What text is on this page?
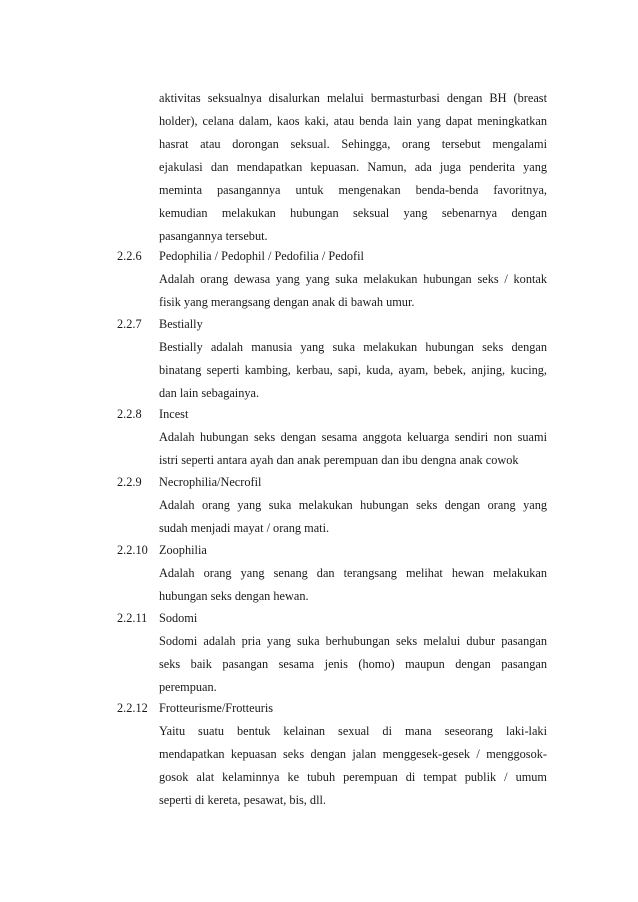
aktivitas seksualnya disalurkan melalui bermasturbasi dengan BH (breast
holder), celana dalam, kaos kaki, atau benda lain yang dapat meningkatkan
hasrat atau dorongan seksual. Sehingga, orang tersebut mengalami
ejakulasi dan mendapatkan kepuasan. Namun, ada juga penderita yang
meminta pasangannya untuk mengenakan benda-benda favoritnya,
kemudian melakukan hubungan seksual yang sebenarnya dengan
pasangannya tersebut.
2.2.6 Pedophilia / Pedophil / Pedofilia / Pedofil
Adalah orang dewasa yang yang suka melakukan hubungan seks / kontak
fisik yang merangsang dengan anak di bawah umur.
2.2.7 Bestially
Bestially adalah manusia yang suka melakukan hubungan seks dengan
binatang seperti kambing, kerbau, sapi, kuda, ayam, bebek, anjing, kucing,
dan lain sebagainya.
2.2.8 Incest
Adalah hubungan seks dengan sesama anggota keluarga sendiri non suami
istri seperti antara ayah dan anak perempuan dan ibu dengna anak cowok
2.2.9 Necrophilia/Necrofil
Adalah orang yang suka melakukan hubungan seks dengan orang yang
sudah menjadi mayat / orang mati.
2.2.10 Zoophilia
Adalah orang yang senang dan terangsang melihat hewan melakukan
hubungan seks dengan hewan.
2.2.11 Sodomi
Sodomi adalah pria yang suka berhubungan seks melalui dubur pasangan
seks baik pasangan sesama jenis (homo) maupun dengan pasangan
perempuan.
2.2.12 Frotteurisme/Frotteuris
Yaitu suatu bentuk kelainan sexual di mana seseorang laki-laki
mendapatkan kepuasan seks dengan jalan menggesek-gesek / menggosok-
gosok alat kelaminnya ke tubuh perempuan di tempat publik / umum
seperti di kereta, pesawat, bis, dll.
